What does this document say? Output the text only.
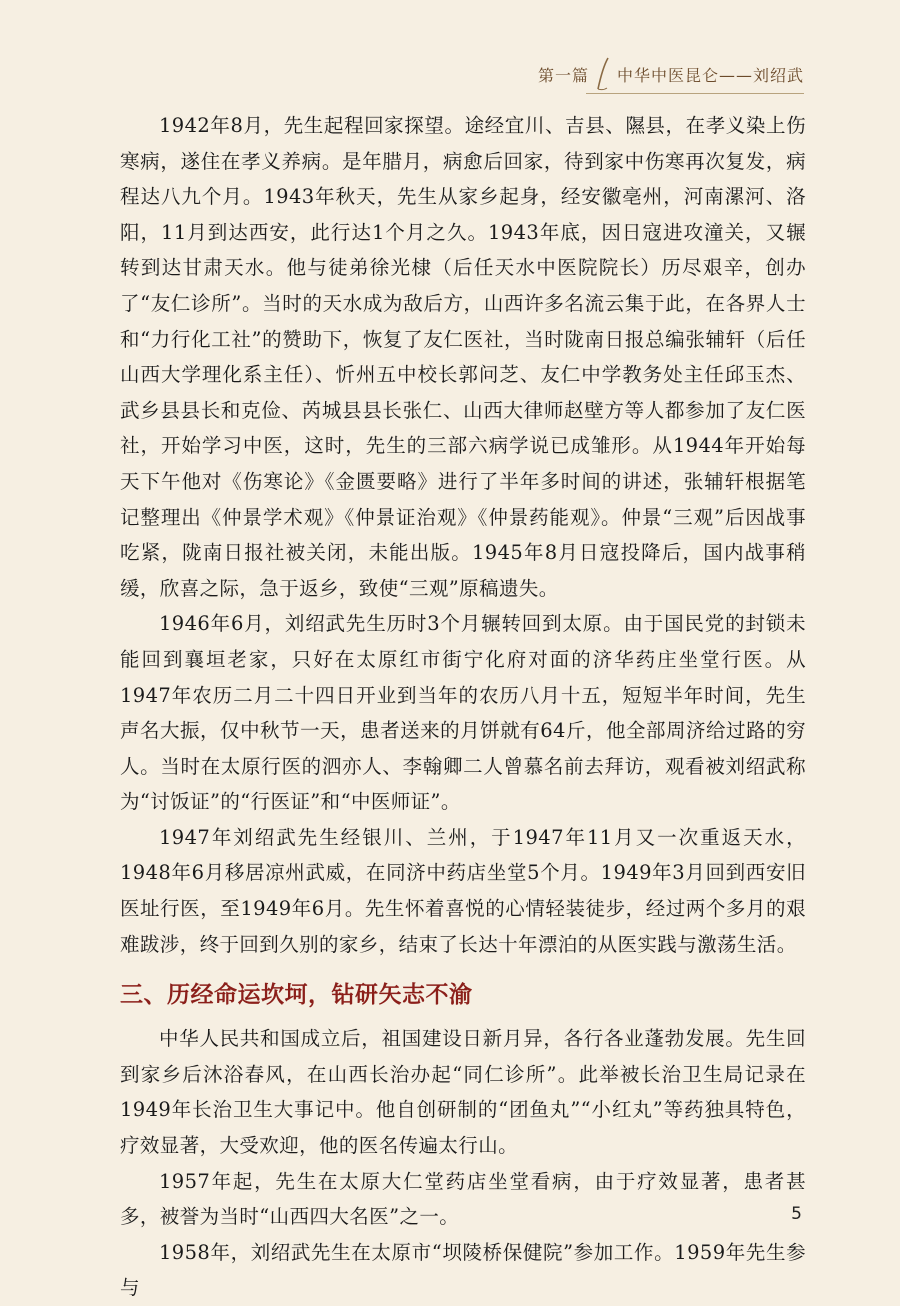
第一篇 中华中医昆仑——刘绍武

1942年8月，先生起程回家探望。途经宜川、吉县、隰县，在孝义染上伤寒病，遂住在孝义养病。是年腊月，病愈后回家，待到家中伤寒再次复发，病程达八九个月。1943年秋天，先生从家乡起身，经安徽亳州，河南漯河、洛阳，11月到达西安，此行达1个月之久。1943年底，因日寇进攻潼关，又辗转到达甘肃天水。他与徒弟徐光棣（后任天水中医院院长）历尽艰辛，创办了“友仁诊所”。当时的天水成为敌后方，山西许多名流云集于此，在各界人士和“力行化工社”的赞助下，恢复了友仁医社，当时陇南日报总编张辅轩（后任山西大学理化系主任）、忻州五中校长郭问芝、友仁中学教务处主任邱玉杰、武乡县县长和克俭、芮城县县长张仁、山西大律师赵壁方等人都参加了友仁医社，开始学习中医，这时，先生的三部六病学说已成雏形。从1944年开始每天下午他对《伤寒论》《金匮要略》进行了半年多时间的讲述，张辅轩根据笔记整理出《仲景学术观》《仲景证治观》《仲景药能观》。仲景“三观”后因战事吃紧，陇南日报社被关闭，未能出版。1945年8月日寇投降后，国内战事稍缓，欣喜之际，急于返乡，致使“三观”原稿遗失。

1946年6月，刘绍武先生历时3个月辗转回到太原。由于国民党的封锁未能回到襄垣老家，只好在太原红市街宁化府对面的济华药庄坐堂行医。从1947年农历二月二十四日开业到当年的农历八月十五，短短半年时间，先生声名大振，仅中秋节一天，患者送来的月饼就有64斤，他全部周济给过路的穷人。当时在太原行医的泗亦人、李翰卿二人曾慕名前去拜访，观看被刘绍武称为“讨饭证”的“行医证”和“中医师证”。

1947年刘绍武先生经银川、兰州，于1947年11月又一次重返天水，1948年6月移居凉州武威，在同济中药店坐堂5个月。1949年3月回到西安旧医址行医，至1949年6月。先生怀着喜悦的心情轻装徒步，经过两个多月的艰难跋涉，终于回到久别的家乡，结束了长达十年漂泊的从医实践与激荡生活。

三、历经命运坎坷，钻研矢志不渝

中华人民共和国成立后，祖国建设日新月异，各行各业蓬勃发展。先生回到家乡后沐浴春风，在山西长治办起“同仁诊所”。此举被长治卫生局记录在1949年长治卫生大事记中。他自创研制的“团鱼丸”“小红丸”等药独具特色，疗效显著，大受欢迎，他的医名传遍太行山。

1957年起，先生在太原大仁堂药店坐堂看病，由于疗效显著，患者甚多，被誉为当时“山西四大名医”之一。

1958年，刘绍武先生在太原市“坝陵桥保健院”参加工作。1959年先生参与

5
